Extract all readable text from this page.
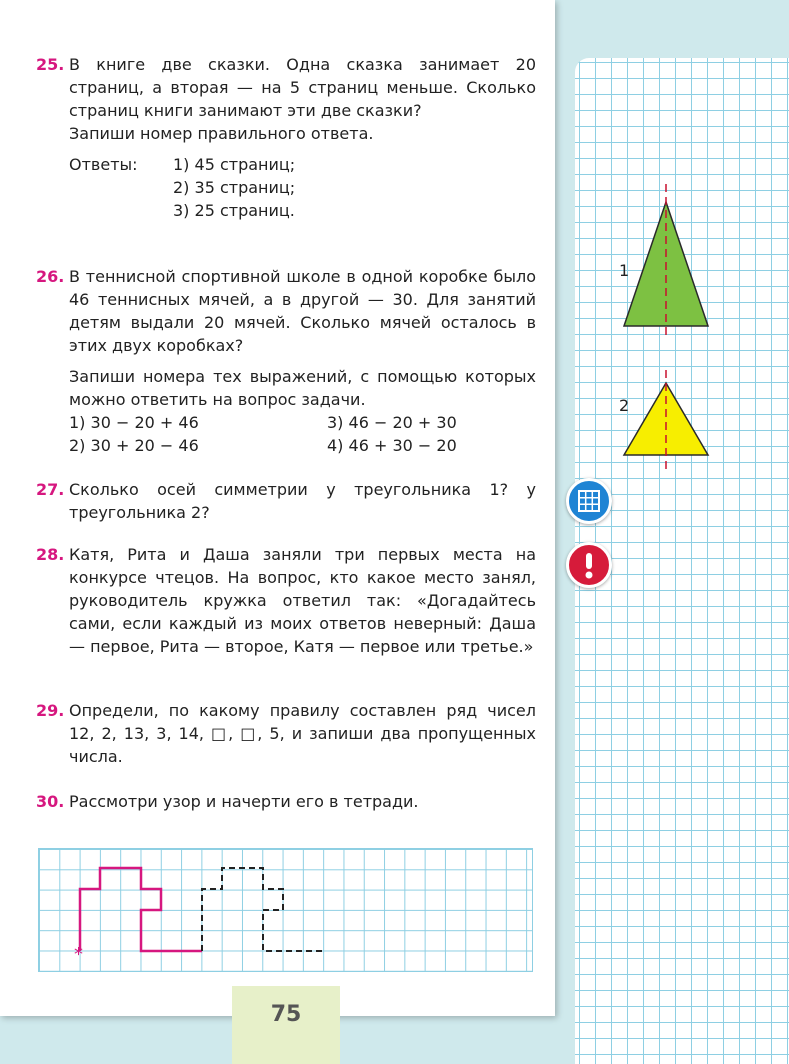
1
2
25. В книге две сказки. Одна сказка занимает 20 страниц, а вторая — на 5 страниц меньше. Сколько страниц книги занимают эти две сказки?

Запиши номер правильного ответа.

Ответы: 1) 45 страниц;
2) 35 страниц;
3) 25 страниц.
26. В теннисной спортивной школе в одной коробке было 46 теннисных мячей, а в другой — 30. Для занятий детям выдали 20 мячей. Сколько мячей осталось в этих двух коробках?

Запиши номера тех выражений, с помощью которых можно ответить на вопрос задачи.

1) 30 − 20 + 46
2) 30 + 20 − 46
3) 46 − 20 + 30
4) 46 + 30 − 20
27. Сколько осей симметрии у треугольника 1? у треугольника 2?
28. Катя, Рита и Даша заняли три первых места на конкурсе чтецов. На вопрос, кто какое место занял, руководитель кружка ответил так: «Догадайтесь сами, если каждый из моих ответов неверный: Даша — первое, Рита — второе, Катя — первое или третье.»
29. Определи, по какому правилу составлен ряд чисел 12, 2, 13, 3, 14, □, □, 5, и запиши два пропущенных числа.
30. Рассмотри узор и начерти его в тетради.
*
75
